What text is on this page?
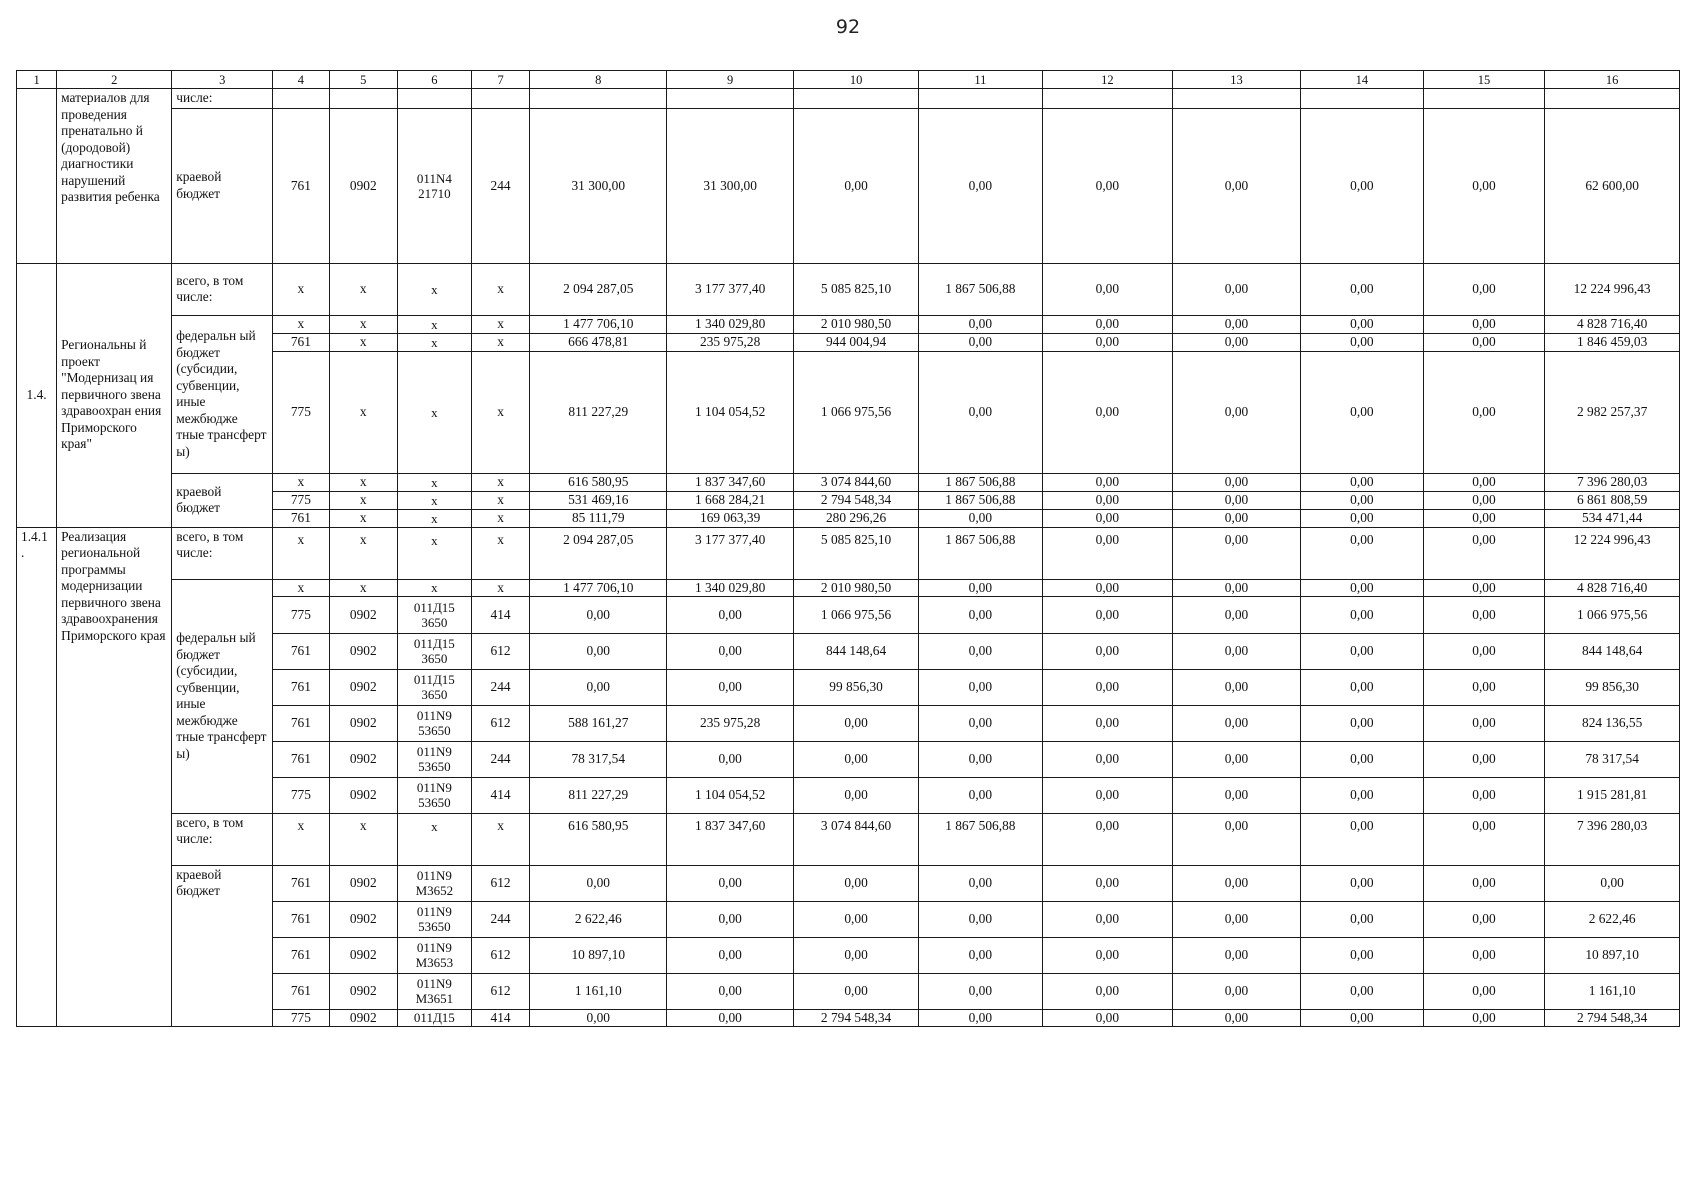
92
1	2	3	4	5	6	7	8	9	10	11	12	13	14	15	16
	материалов для проведения пренатально й (дородовой) диагностики нарушений развития ребенка	числе:													
		краевой бюджет	761	0902	011N4 21710	244	31 300,00	31 300,00	0,00	0,00	0,00	0,00	0,00	0,00	62 600,00
1.4.	Региональны й проект "Модернизац ия первичного звена здравоохран ения Приморского края"	всего, в том числе:	х	х	х	х	2 094 287,05	3 177 377,40	5 085 825,10	1 867 506,88	0,00	0,00	0,00	0,00	12 224 996,43
		федеральн ый бюджет (субсидии, субвенции, иные межбюдже тные трансферт ы)	х	х	х	х	1 477 706,10	1 340 029,80	2 010 980,50	0,00	0,00	0,00	0,00	0,00	4 828 716,40
			761	х	х	х	666 478,81	235 975,28	944 004,94	0,00	0,00	0,00	0,00	0,00	1 846 459,03
			775	х	х	х	811 227,29	1 104 054,52	1 066 975,56	0,00	0,00	0,00	0,00	0,00	2 982 257,37
		краевой бюджет	х	х	х	х	616 580,95	1 837 347,60	3 074 844,60	1 867 506,88	0,00	0,00	0,00	0,00	7 396 280,03
			775	х	х	х	531 469,16	1 668 284,21	2 794 548,34	1 867 506,88	0,00	0,00	0,00	0,00	6 861 808,59
			761	х	х	х	85 111,79	169 063,39	280 296,26	0,00	0,00	0,00	0,00	0,00	534 471,44
1.4.1 .	Реализация региональной программы модернизации первичного звена здравоохранения Приморского края	всего, в том числе:	х	х	х	х	2 094 287,05	3 177 377,40	5 085 825,10	1 867 506,88	0,00	0,00	0,00	0,00	12 224 996,43
		федеральн ый бюджет (субсидии, субвенции, иные межбюдже тные трансферт ы)	х	х	х	х	1 477 706,10	1 340 029,80	2 010 980,50	0,00	0,00	0,00	0,00	0,00	4 828 716,40
			775	0902	011Д15 3650	414	0,00	0,00	1 066 975,56	0,00	0,00	0,00	0,00	0,00	1 066 975,56
			761	0902	011Д15 3650	612	0,00	0,00	844 148,64	0,00	0,00	0,00	0,00	0,00	844 148,64
			761	0902	011Д15 3650	244	0,00	0,00	99 856,30	0,00	0,00	0,00	0,00	0,00	99 856,30
			761	0902	011N9 53650	612	588 161,27	235 975,28	0,00	0,00	0,00	0,00	0,00	0,00	824 136,55
			761	0902	011N9 53650	244	78 317,54	0,00	0,00	0,00	0,00	0,00	0,00	0,00	78 317,54
			775	0902	011N9 53650	414	811 227,29	1 104 054,52	0,00	0,00	0,00	0,00	0,00	0,00	1 915 281,81
		всего, в том числе:	х	х	х	х	616 580,95	1 837 347,60	3 074 844,60	1 867 506,88	0,00	0,00	0,00	0,00	7 396 280,03
		краевой бюджет	761	0902	011N9 M3652	612	0,00	0,00	0,00	0,00	0,00	0,00	0,00	0,00	0,00
			761	0902	011N9 53650	244	2 622,46	0,00	0,00	0,00	0,00	0,00	0,00	0,00	2 622,46
			761	0902	011N9 M3653	612	10 897,10	0,00	0,00	0,00	0,00	0,00	0,00	0,00	10 897,10
			761	0902	011N9 M3651	612	1 161,10	0,00	0,00	0,00	0,00	0,00	0,00	0,00	1 161,10
			775	0902	011Д15	414	0,00	0,00	2 794 548,34	0,00	0,00	0,00	0,00	0,00	2 794 548,34
